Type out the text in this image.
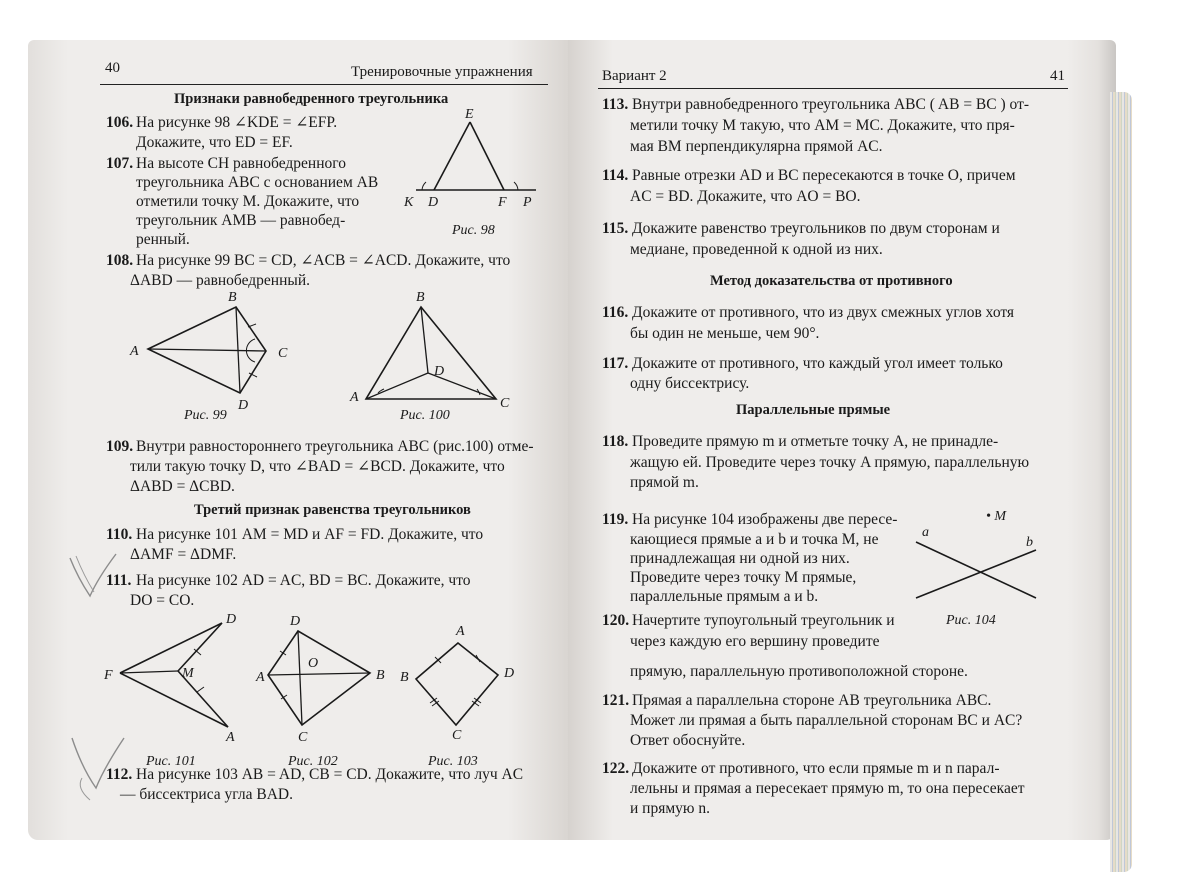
40	Тренировочные упражнения
Признаки равнобедренного треугольника
106. На рисунке 98 ∠KDE = ∠EFP.
Докажите, что ED = EF.
107. На высоте CH равнобедренного
треугольника ABC с основанием AB
отметили точку M. Докажите, что
треугольник AMB — равнобед-
ренный.
E
K D	F P
Рис. 98
108. На рисунке 99 BC = CD, ∠ACB = ∠ACD. Докажите, что
ΔABD — равнобедренный.
B
A	C
D
Рис. 99
B
D
A	C
Рис. 100
109. Внутри равностороннего треугольника ABC (рис.100) отме-
тили такую точку D, что ∠BAD = ∠BCD. Докажите, что
ΔABD = ΔCBD.
Третий признак равенства треугольников
110. На рисунке 101 AM = MD и AF = FD. Докажите, что
ΔAMF = ΔDMF.
111. На рисунке 102 AD = AC, BD = BC. Докажите, что
DO = CO.
D
F	M
A
Рис. 101
D
O
A	B
C
Рис. 102
A
B	D
C
Рис. 103
112. На рисунке 103 AB = AD, CB = CD. Докажите, что луч AC
— биссектриса угла BAD.
Вариант 2	41
113. Внутри равнобедренного треугольника ABC ( AB = BC ) от-
метили точку M такую, что AM = MC. Докажите, что пря-
мая BM перпендикулярна прямой AC.
114. Равные отрезки AD и BC пересекаются в точке O, причем
AC = BD. Докажите, что AO = BO.
115. Докажите равенство треугольников по двум сторонам и
медиане, проведенной к одной из них.
Метод доказательства от противного
116. Докажите от противного, что из двух смежных углов хотя
бы один не меньше, чем 90°.
117. Докажите от противного, что каждый угол имеет только
одну биссектрису.
Параллельные прямые
118. Проведите прямую m и отметьте точку A, не принадле-
жащую ей. Проведите через точку A прямую, параллельную
прямой m.
119. На рисунке 104 изображены две пересе-
кающиеся прямые a и b и точка M, не
принадлежащая ни одной из них.
Проведите через точку M прямые,
параллельные прямым a и b.
• M
a
b
Рис. 104
120. Начертите тупоугольный треугольник и
через каждую его вершину проведите
прямую, параллельную противоположной стороне.
121. Прямая a параллельна стороне AB треугольника ABC.
Может ли прямая a быть параллельной сторонам BC и AC?
Ответ обоснуйте.
122. Докажите от противного, что если прямые m и n парал-
лельны и прямая a пересекает прямую m, то она пересекает
и прямую n.
